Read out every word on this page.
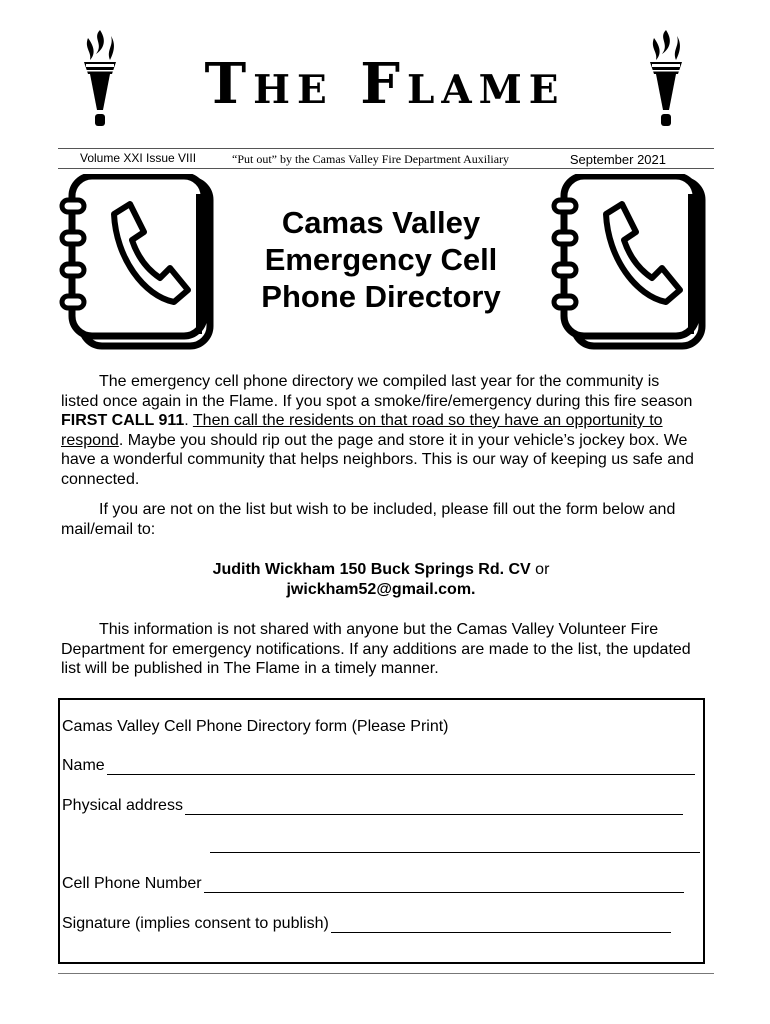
The Flame
Volume XXI Issue VIII	“Put out” by the Camas Valley Fire Department Auxiliary	September 2021
Camas Valley
Emergency Cell
Phone Directory

The emergency cell phone directory we compiled last year for the community is listed once again in the Flame. If you spot a smoke/fire/emergency during this fire season FIRST CALL 911. Then call the residents on that road so they have an opportunity to respond. Maybe you should rip out the page and store it in your vehicle’s jockey box. We have a wonderful community that helps neighbors. This is our way of keeping us safe and connected.

If you are not on the list but wish to be included, please fill out the form below and mail/email to:

Judith Wickham 150 Buck Springs Rd. CV or
jwickham52@gmail.com.

This information is not shared with anyone but the Camas Valley Volunteer Fire Department for emergency notifications. If any additions are made to the list, the updated list will be published in The Flame in a timely manner.

Camas Valley Cell Phone Directory form (Please Print)
Name
Physical address
Cell Phone Number
Signature (implies consent to publish)
